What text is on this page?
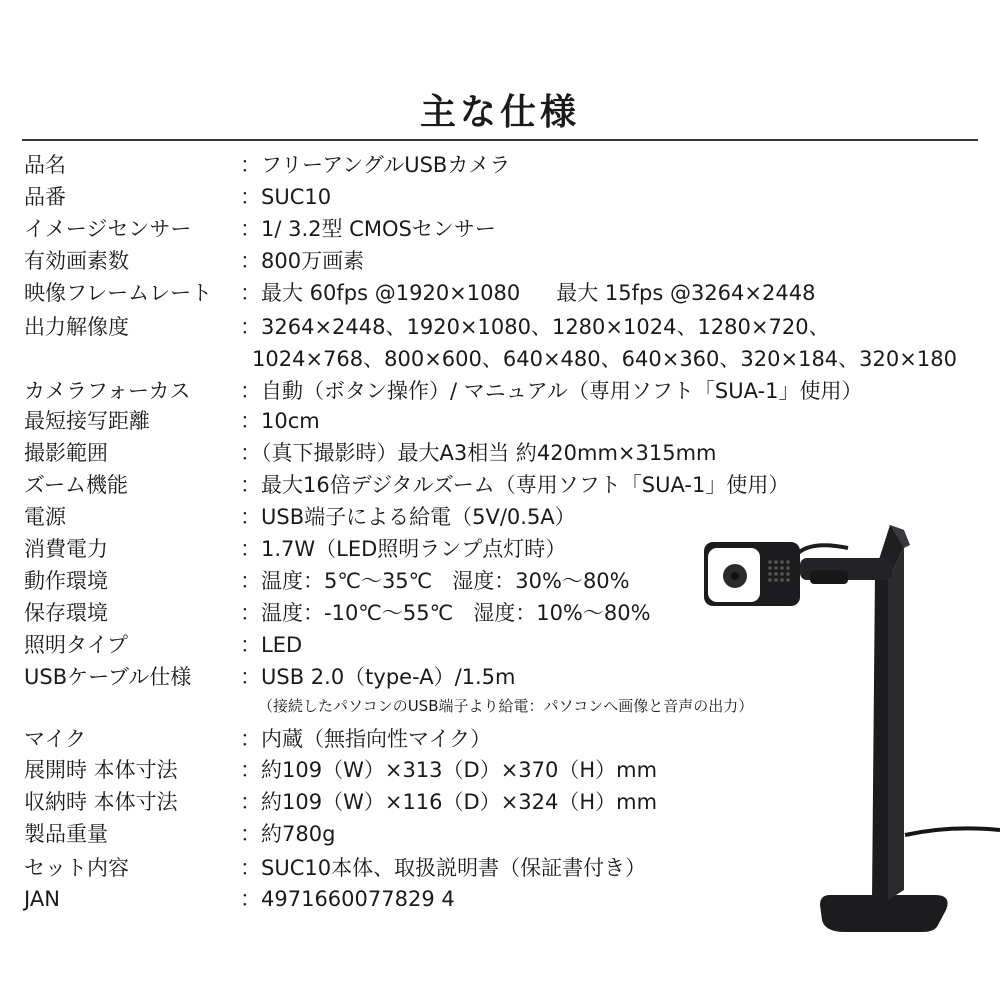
主な仕様
品名	：フリーアングルUSBカメラ
品番	：SUC10
イメージセンサー ：1/ 3.2型 CMOSセンサー
有効画素数	：800万画素
映像フレームレート ：最大 60fps @1920×1080 最大 15fps @3264×2448
出力解像度	：3264×2448、1920×1080、1280×1024、1280×720、
1024×768、800×600、640×480、640×360、320×184、320×180
カメラフォーカス ：自動（ボタン操作）/ マニュアル（専用ソフト「SUA-1」使用）
最短接写距離	：10cm
撮影範囲	：（真下撮影時）最大A3相当 約420mm×315mm
ズーム機能	：最大16倍デジタルズーム（専用ソフト「SUA-1」使用）
電源	：USB端子による給電（5V/0.5A）
消費電力	：1.7W（LED照明ランプ点灯時）
動作環境	：温度：5℃〜35℃ 湿度：30%〜80%
保存環境	：温度：-10℃〜55℃ 湿度：10%〜80%
照明タイプ	：LED
USBケーブル仕様 ：USB 2.0（type-A）/1.5m
（接続したパソコンのUSB端子より給電：パソコンへ画像と音声の出力）
マイク	：内蔵（無指向性マイク）
展開時 本体寸法	：約109（W）×313（D）×370（H）mm
収納時 本体寸法	：約109（W）×116（D）×324（H）mm
製品重量	：約780g
セット内容	：SUC10本体、取扱説明書（保証書付き）
JAN	：4971660077829 4
